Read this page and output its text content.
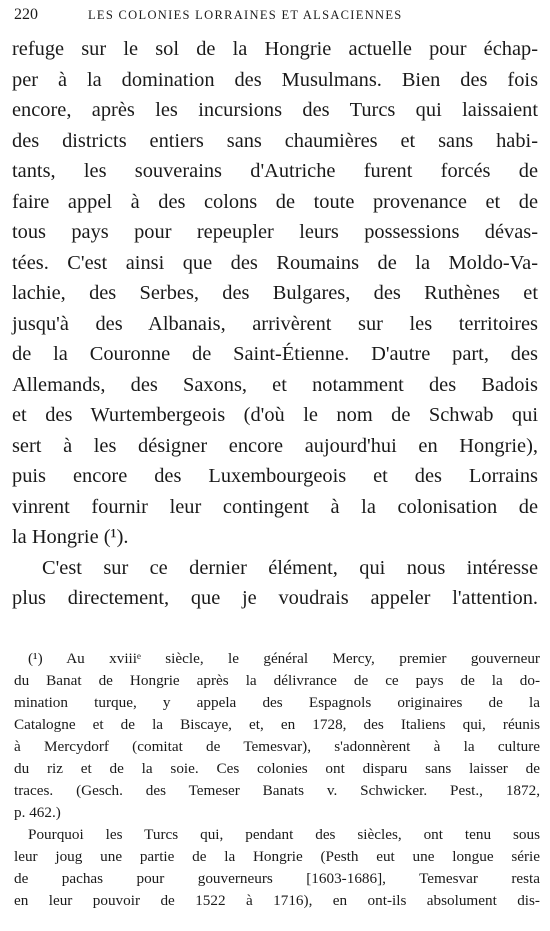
220	LES COLONIES LORRAINES ET ALSACIENNES
refuge sur le sol de la Hongrie actuelle pour échap-
per à la domination des Musulmans. Bien des fois
encore, après les incursions des Turcs qui laissaient
des districts entiers sans chaumières et sans habi-
tants, les souverains d'Autriche furent forcés de
faire appel à des colons de toute provenance et de
tous pays pour repeupler leurs possessions dévas-
tées. C'est ainsi que des Roumains de la Moldo-Va-
lachie, des Serbes, des Bulgares, des Ruthènes et
jusqu'à des Albanais, arrivèrent sur les territoires
de la Couronne de Saint-Étienne. D'autre part, des
Allemands, des Saxons, et notamment des Badois
et des Wurtembergeois (d'où le nom de Schwab qui
sert à les désigner encore aujourd'hui en Hongrie),
puis encore des Luxembourgeois et des Lorrains
vinrent fournir leur contingent à la colonisation de
la Hongrie (¹).
C'est sur ce dernier élément, qui nous intéresse
plus directement, que je voudrais appeler l'attention.
(¹) Au xviiiᵉ siècle, le général Mercy, premier gouverneur
du Banat de Hongrie après la délivrance de ce pays de la do-
mination turque, y appela des Espagnols originaires de la
Catalogne et de la Biscaye, et, en 1728, des Italiens qui, réunis
à Mercydorf (comitat de Temesvar), s'adonnèrent à la culture
du riz et de la soie. Ces colonies ont disparu sans laisser de
traces. (Gesch. des Temeser Banats v. Schwicker. Pest., 1872,
p. 462.)
Pourquoi les Turcs qui, pendant des siècles, ont tenu sous
leur joug une partie de la Hongrie (Pesth eut une longue série
de pachas pour gouverneurs [1603-1686], Temesvar resta
en leur pouvoir de 1522 à 1716), en ont-ils absolument dis-
